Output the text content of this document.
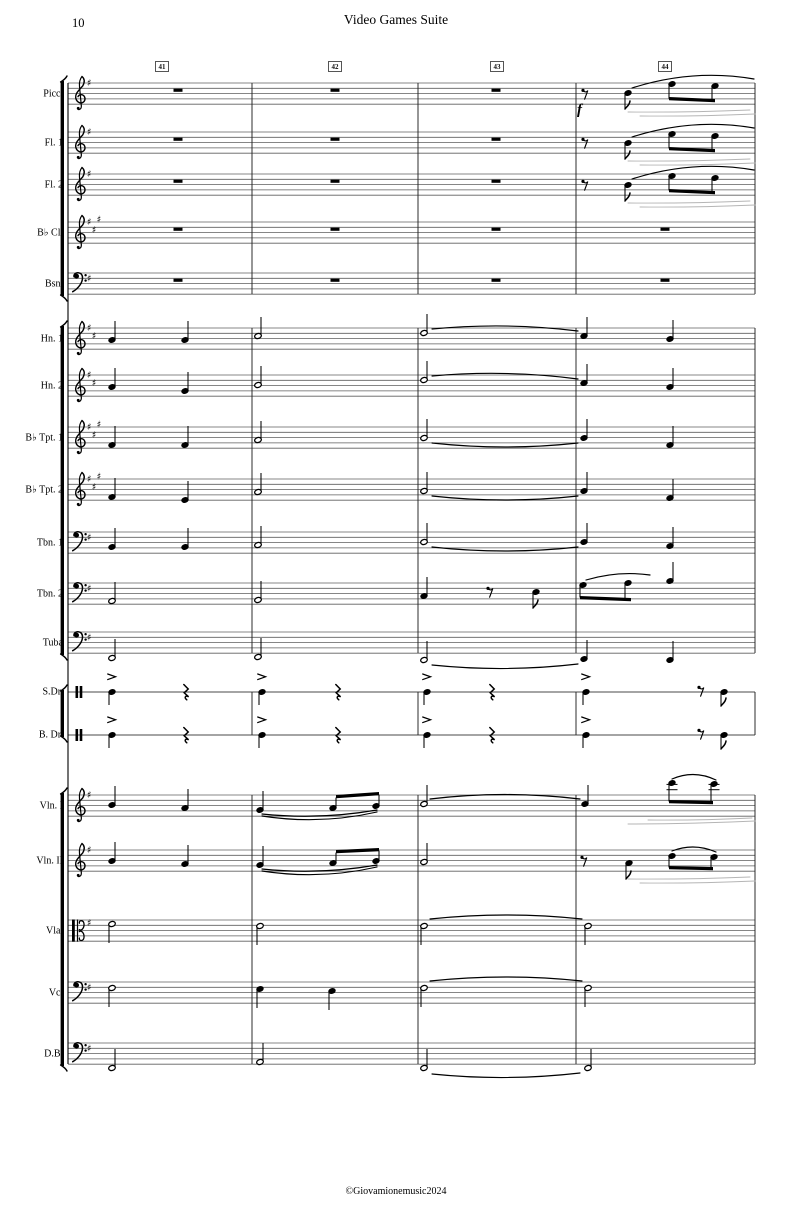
10	Video Games Suite
♯
♯
♯
♯
♯
♯
♯
♯
♯
♯
♯
♯
♯
♯
♯
♯
♯
♯
♯
♯
♯
♯
♯
♯
♯
41	42	43	44
Picc.
Fl. 1
Fl. 2
B♭ Cl.
Bsn.
Hn. 1
Hn. 2
B♭ Tpt. 1
B♭ Tpt. 2
Tbn. 1
Tbn. 2
Tuba
S.Dr.
B. Dr.
Vln. I
Vln. II
Vla.
Vc.
D.B.
f
©Giovamionemusic2024
